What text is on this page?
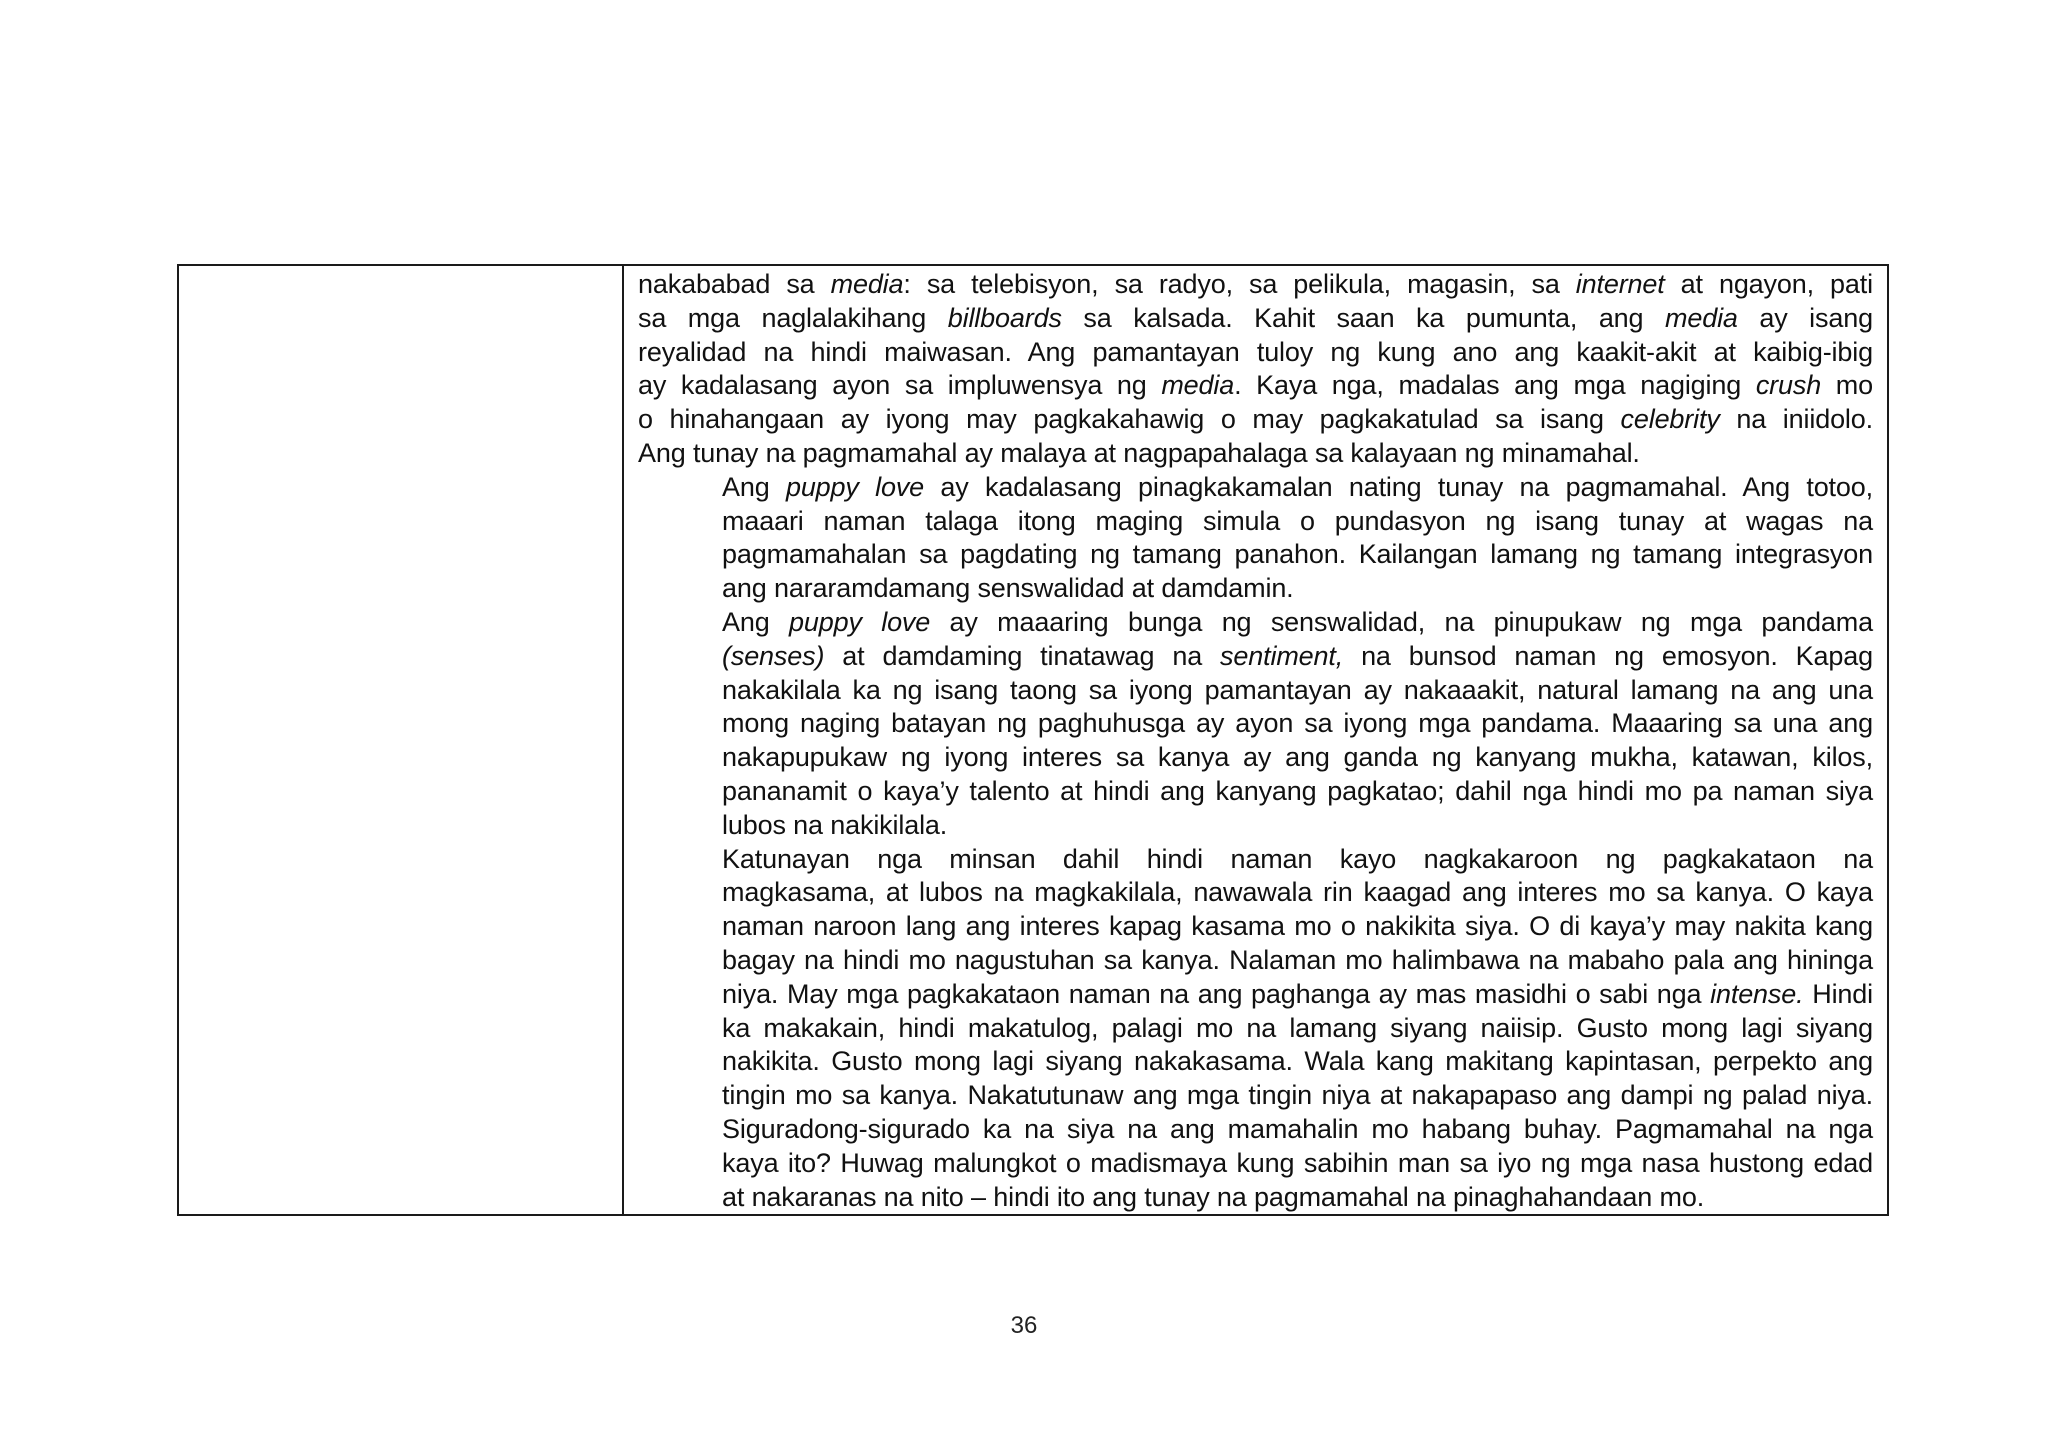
nakababad sa media: sa telebisyon, sa radyo, sa pelikula, magasin, sa internet at ngayon, pati
sa mga naglalakihang billboards sa kalsada. Kahit saan ka pumunta, ang media ay isang
reyalidad na hindi maiwasan. Ang pamantayan tuloy ng kung ano ang kaakit-akit at kaibig-ibig
ay kadalasang ayon sa impluwensya ng media. Kaya nga, madalas ang mga nagiging crush mo
o hinahangaan ay iyong may pagkakahawig o may pagkakatulad sa isang celebrity na iniidolo.
Ang tunay na pagmamahal ay malaya at nagpapahalaga sa kalayaan ng minamahal.
Ang puppy love ay kadalasang pinagkakamalan nating tunay na pagmamahal. Ang totoo,
maaari naman talaga itong maging simula o pundasyon ng isang tunay at wagas na
pagmamahalan sa pagdating ng tamang panahon. Kailangan lamang ng tamang integrasyon
ang nararamdamang senswalidad at damdamin.
Ang puppy love ay maaaring bunga ng senswalidad, na pinupukaw ng mga pandama
(senses) at damdaming tinatawag na sentiment, na bunsod naman ng emosyon. Kapag
nakakilala ka ng isang taong sa iyong pamantayan ay nakaaakit, natural lamang na ang una
mong naging batayan ng paghuhusga ay ayon sa iyong mga pandama. Maaaring sa una ang
nakapupukaw ng iyong interes sa kanya ay ang ganda ng kanyang mukha, katawan, kilos,
pananamit o kaya’y talento at hindi ang kanyang pagkatao; dahil nga hindi mo pa naman siya
lubos na nakikilala.
Katunayan nga minsan dahil hindi naman kayo nagkakaroon ng pagkakataon na
magkasama, at lubos na magkakilala, nawawala rin kaagad ang interes mo sa kanya. O kaya
naman naroon lang ang interes kapag kasama mo o nakikita siya. O di kaya’y may nakita kang
bagay na hindi mo nagustuhan sa kanya. Nalaman mo halimbawa na mabaho pala ang hininga
niya. May mga pagkakataon naman na ang paghanga ay mas masidhi o sabi nga intense. Hindi
ka makakain, hindi makatulog, palagi mo na lamang siyang naiisip. Gusto mong lagi siyang
nakikita. Gusto mong lagi siyang nakakasama. Wala kang makitang kapintasan, perpekto ang
tingin mo sa kanya. Nakatutunaw ang mga tingin niya at nakapapaso ang dampi ng palad niya.
Siguradong-sigurado ka na siya na ang mamahalin mo habang buhay. Pagmamahal na nga
kaya ito? Huwag malungkot o madismaya kung sabihin man sa iyo ng mga nasa hustong edad
at nakaranas na nito – hindi ito ang tunay na pagmamahal na pinaghahandaan mo.
36
